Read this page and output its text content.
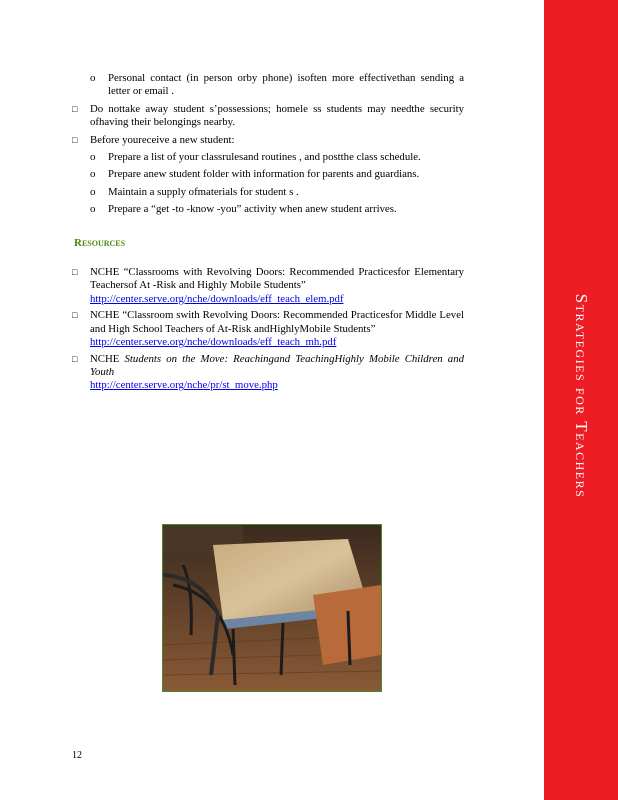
Strategies for Teachers
o Personal contact (in person orby phone) isoften more effectivethan sending a letter or email .
□ Do nottake away student s’possessions; homele ss students may needthe security ofhaving their belongings nearby.
□ Before youreceive a new student:
o Prepare a list of your classrulesand routines , and postthe class schedule.
o Prepare anew student folder with information for parents and guardians.
o Maintain a supply ofmaterials for student s .
o Prepare a “get -to -know -you” activity when anew student arrives.
Resources
□ NCHE “Classrooms with Revolving Doors: Recommended Practicesfor Elementary Teachersof At -Risk and Highly Mobile Students”
http://center.serve.org/nche/downloads/eff_teach_elem.pdf
□ NCHE “Classroom swith Revolving Doors: Recommended Practicesfor Middle Level and High School Teachers of At-Risk andHighlyMobile Students”
http://center.serve.org/nche/downloads/eff_teach_mh.pdf
□ NCHE Students on the Move: Reachingand TeachingHighly Mobile Children and Youth
http://center.serve.org/nche/pr/st_move.php
12
